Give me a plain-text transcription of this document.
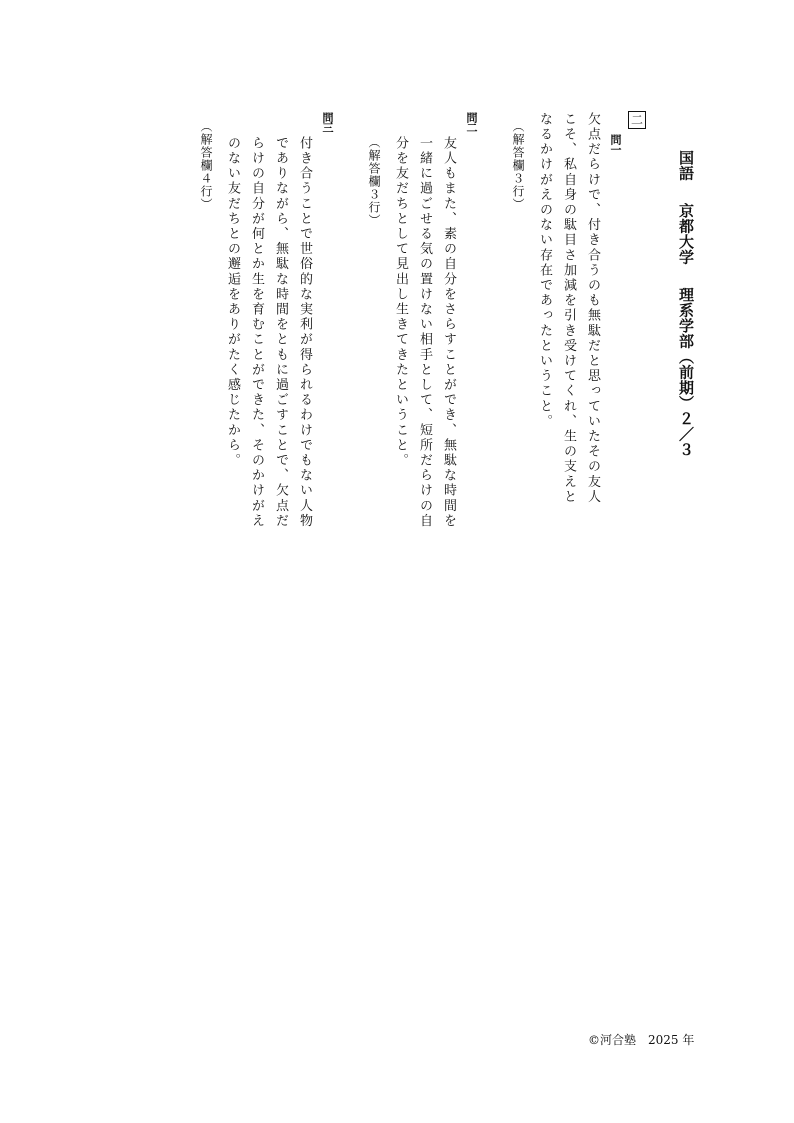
国語京都大学理系学部（前期）２／３
二
問一
欠点だらけで、付き合うのも無駄だと思っていたその友人
こそ、私自身の駄目さ加減を引き受けてくれ、生の支えと
なるかけがえのない存在であったということ。
（解答欄３行）
問二
友人もまた、素の自分をさらすことができ、無駄な時間を
一緒に過ごせる気の置けない相手として、短所だらけの自
分を友だちとして見出し生きてきたということ。
（解答欄３行）
問三
付き合うことで世俗的な実利が得られるわけでもない人物
でありながら、無駄な時間をともに過ごすことで、欠点だ
らけの自分が何とか生を育むことができた、そのかけがえ
のない友だちとの邂逅をありがたく感じたから。
（解答欄４行）
©河合塾　2025 年
